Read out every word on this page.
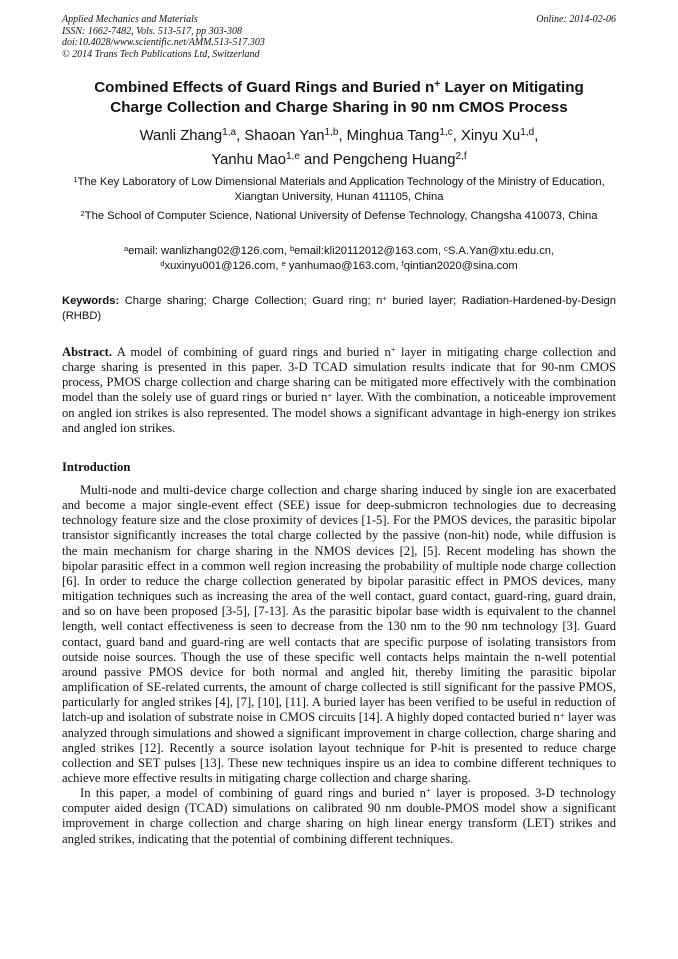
Applied Mechanics and Materials
ISSN: 1662-7482, Vols. 513-517, pp 303-308
doi:10.4028/www.scientific.net/AMM.513-517.303
© 2014 Trans Tech Publications Ltd, Switzerland
Online: 2014-02-06
Combined Effects of Guard Rings and Buried n+ Layer on Mitigating
Charge Collection and Charge Sharing in 90 nm CMOS Process
Wanli Zhang$^{1,a}$, Shaoan Yan$^{1,b}$, Minghua Tang$^{1,c}$, Xinyu Xu$^{1,d}$,
Yanhu Mao$^{1,e}$ and Pengcheng Huang$^{2,f}$
$^1$The Key Laboratory of Low Dimensional Materials and Application Technology of the Ministry of Education, Xiangtan University, Hunan 411105, China
$^2$The School of Computer Science, National University of Defense Technology, Changsha 410073, China
$^a$email: wanlizhang02@126.com, $^b$email:kli20112012@163.com, $^c$S.A.Yan@xtu.edu.cn,
$^d$xuxinyu001@126.com, $^e$ yanhumao@163.com, $^f$qintian2020@sina.com
Keywords: Charge sharing; Charge Collection; Guard ring; n+ buried layer; Radiation-Hardened-by-Design (RHBD)
Abstract. A model of combining of guard rings and buried n+ layer in mitigating charge collection and charge sharing is presented in this paper. 3-D TCAD simulation results indicate that for 90-nm CMOS process, PMOS charge collection and charge sharing can be mitigated more effectively with the combination model than the solely use of guard rings or buried n+ layer. With the combination, a noticeable improvement on angled ion strikes is also represented. The model shows a significant advantage in high-energy ion strikes and angled ion strikes.
Introduction

Multi-node and multi-device charge collection and charge sharing induced by single ion are exacerbated and become a major single-event effect (SEE) issue for deep-submicron technologies due to decreasing technology feature size and the close proximity of devices [1-5]. For the PMOS devices, the parasitic bipolar transistor significantly increases the total charge collected by the passive (non-hit) node, while diffusion is the main mechanism for charge sharing in the NMOS devices [2], [5]. Recent modeling has shown the bipolar parasitic effect in a common well region increasing the probability of multiple node charge collection [6]. In order to reduce the charge collection generated by bipolar parasitic effect in PMOS devices, many mitigation techniques such as increasing the area of the well contact, guard contact, guard-ring, guard drain, and so on have been proposed [3-5], [7-13]. As the parasitic bipolar base width is equivalent to the channel length, well contact effectiveness is seen to decrease from the 130 nm to the 90 nm technology [3]. Guard contact, guard band and guard-ring are well contacts that are specific purpose of isolating transistors from outside noise sources. Though the use of these specific well contacts helps maintain the n-well potential around passive PMOS device for both normal and angled hit, thereby limiting the parasitic bipolar amplification of SE-related currents, the amount of charge collected is still significant for the passive PMOS, particularly for angled strikes [4], [7], [10], [11]. A buried layer has been verified to be useful in reduction of latch-up and isolation of substrate noise in CMOS circuits [14]. A highly doped contacted buried n+ layer was analyzed through simulations and showed a significant improvement in charge collection, charge sharing and angled strikes [12]. Recently a source isolation layout technique for P-hit is presented to reduce charge collection and SET pulses [13]. These new techniques inspire us an idea to combine different techniques to achieve more effective results in mitigating charge collection and charge sharing.

In this paper, a model of combining of guard rings and buried n+ layer is proposed. 3-D technology computer aided design (TCAD) simulations on calibrated 90 nm double-PMOS model show a significant improvement in charge collection and charge sharing on high linear energy transform (LET) strikes and angled strikes, indicating that the potential of combining different techniques.
